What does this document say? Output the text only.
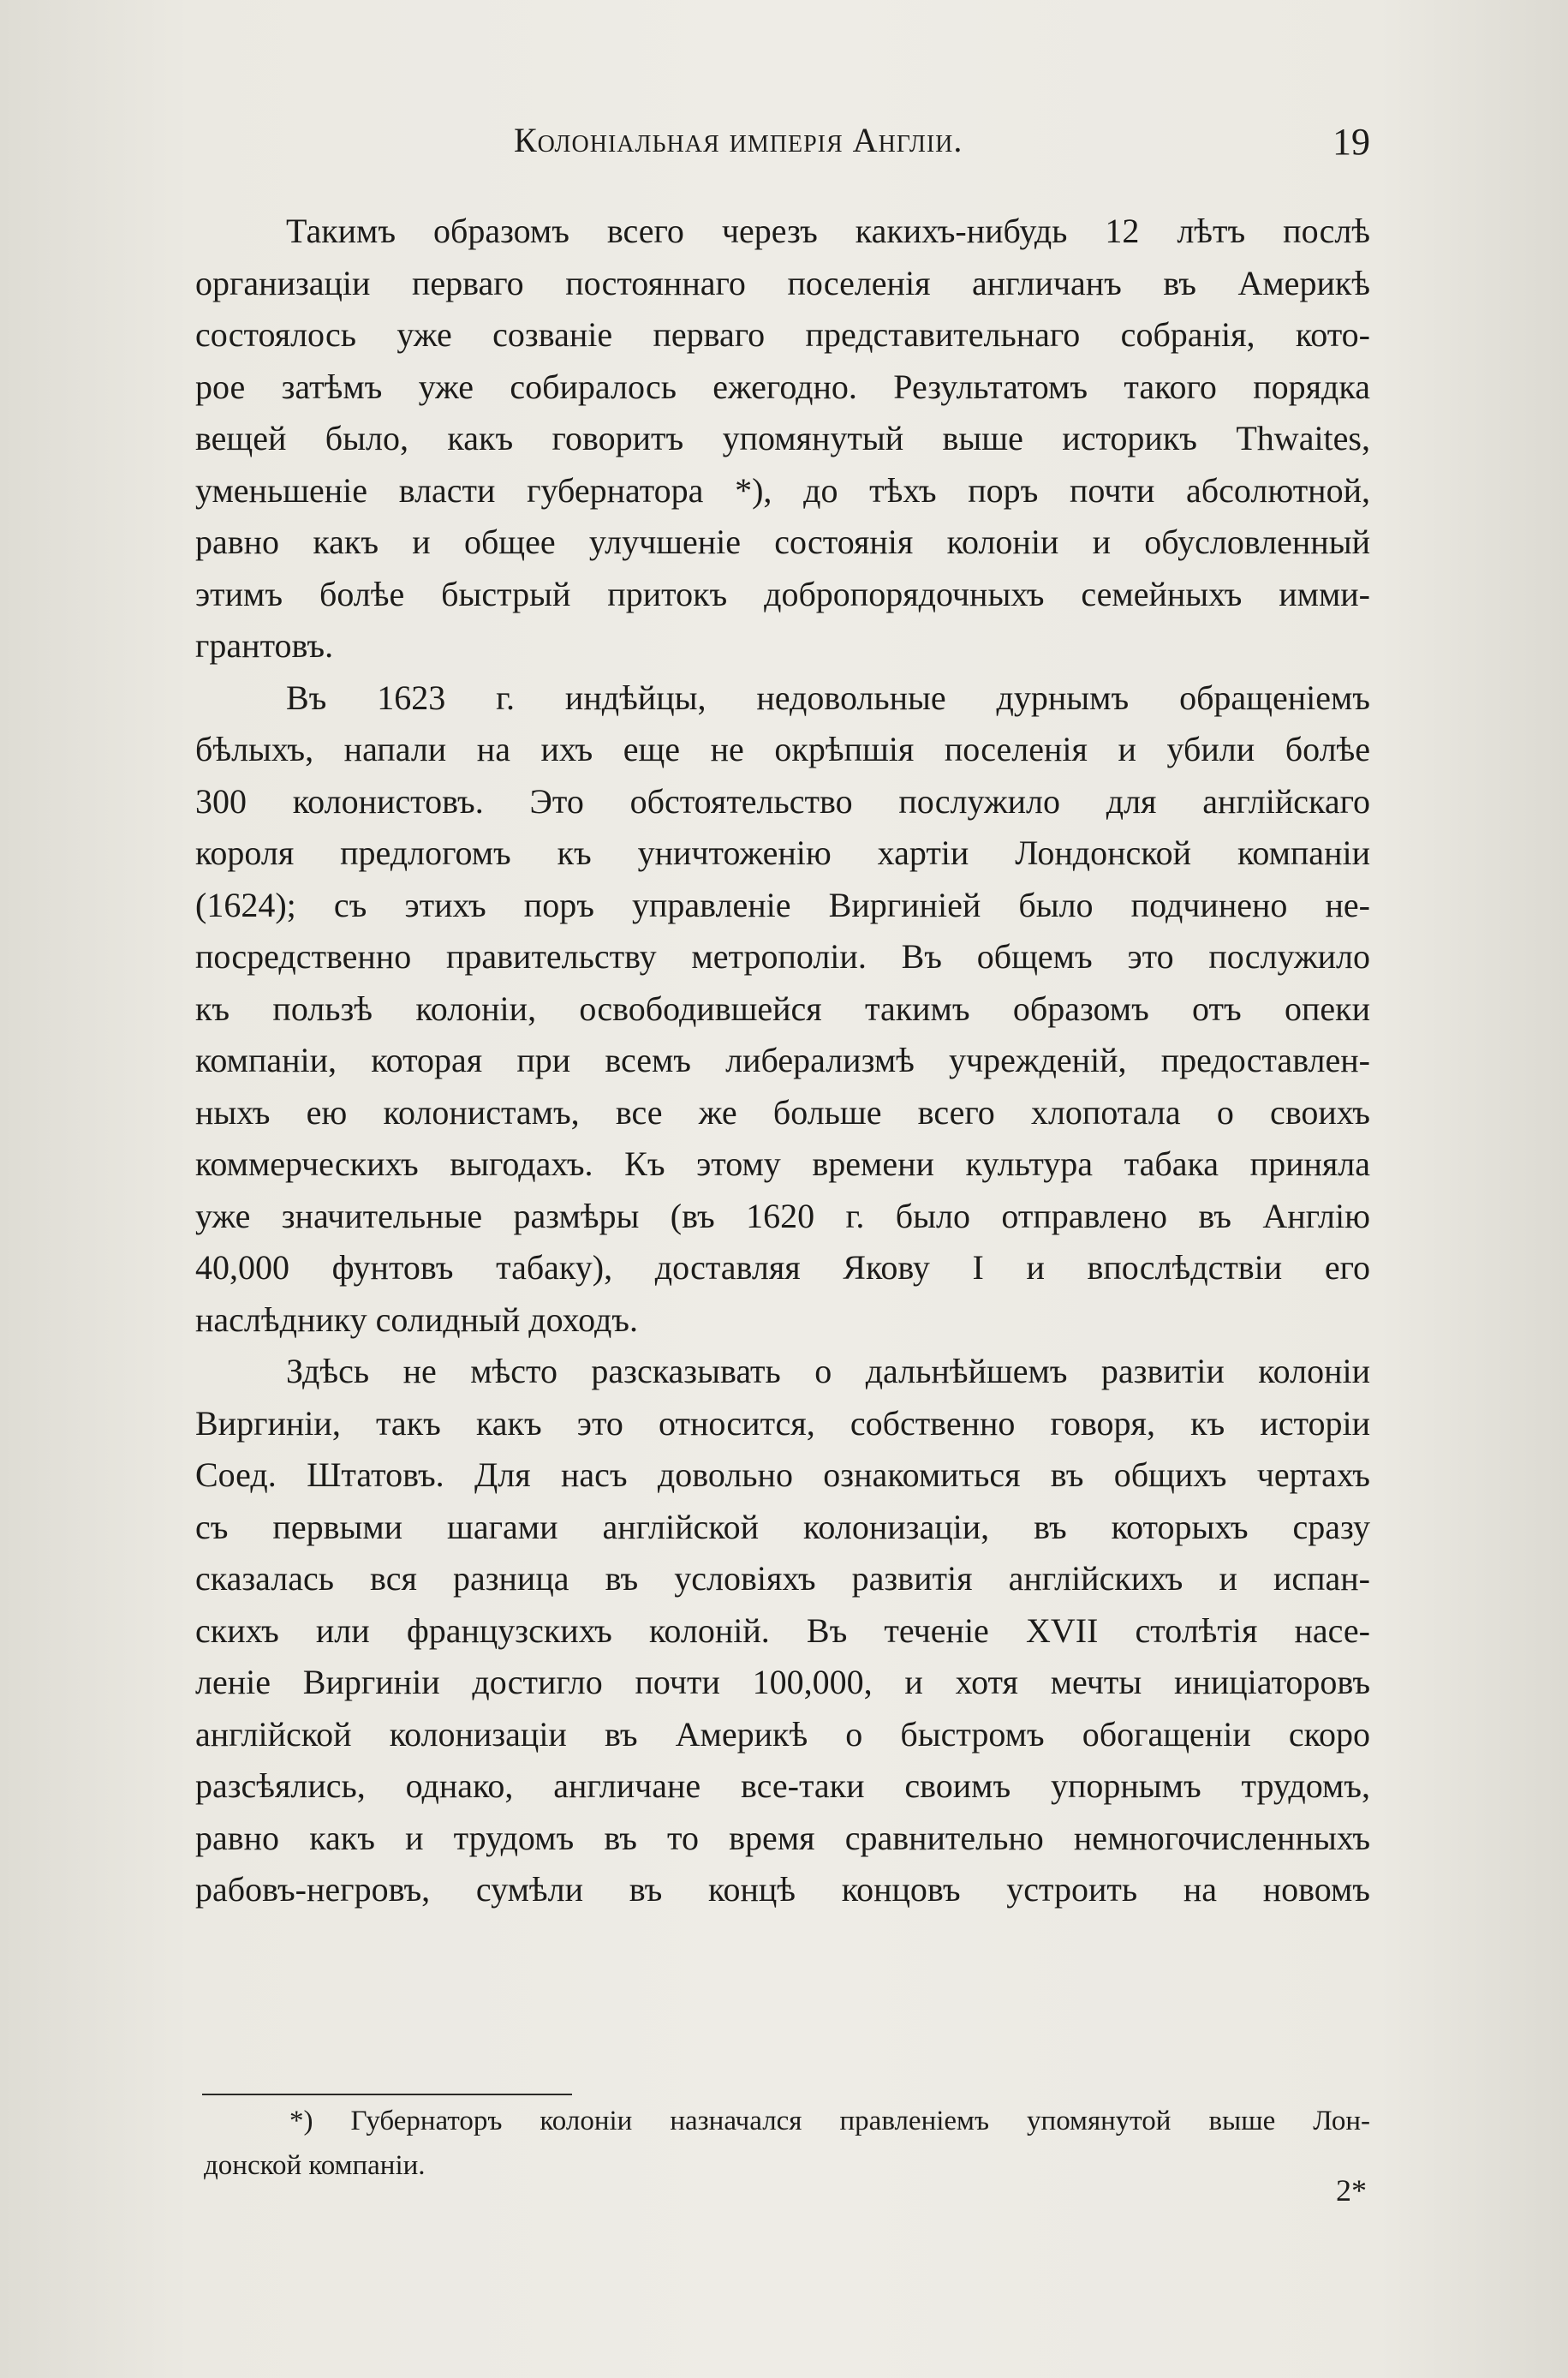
Колоніальная имперія Англіи.	19
Такимъ образомъ всего черезъ какихъ-нибудь 12 лѣтъ послѣ
организаціи перваго постояннаго поселенія англичанъ въ Америкѣ
состоялось уже созваніе перваго представительнаго собранія, кото-
рое затѣмъ уже собиралось ежегодно. Результатомъ такого порядка
вещей было, какъ говоритъ упомянутый выше историкъ Thwaites,
уменьшеніе власти губернатора *), до тѣхъ поръ почти абсолютной,
равно какъ и общее улучшеніе состоянія колоніи и обусловленный
этимъ болѣе быстрый притокъ добропорядочныхъ семейныхъ имми-
грантовъ.
Въ 1623 г. индѣйцы, недовольные дурнымъ обращеніемъ
бѣлыхъ, напали на ихъ еще не окрѣпшія поселенія и убили болѣе
300 колонистовъ. Это обстоятельство послужило для англійскаго
короля предлогомъ къ уничтоженію хартіи Лондонской компаніи
(1624); съ этихъ поръ управленіе Виргиніей было подчинено не-
посредственно правительству метрополіи. Въ общемъ это послужило
къ пользѣ колоніи, освободившейся такимъ образомъ отъ опеки
компаніи, которая при всемъ либерализмѣ учрежденій, предоставлен-
ныхъ ею колонистамъ, все же больше всего хлопотала о своихъ
коммерческихъ выгодахъ. Къ этому времени культура табака приняла
уже значительные размѣры (въ 1620 г. было отправлено въ Англію
40,000 фунтовъ табаку), доставляя Якову I и впослѣдствіи его
наслѣднику солидный доходъ.
Здѣсь не мѣсто разсказывать о дальнѣйшемъ развитіи колоніи
Виргиніи, такъ какъ это относится, собственно говоря, къ исторіи
Соед. Штатовъ. Для насъ довольно ознакомиться въ общихъ чертахъ
съ первыми шагами англійской колонизаціи, въ которыхъ сразу
сказалась вся разница въ условіяхъ развитія англійскихъ и испан-
скихъ или французскихъ колоній. Въ теченіе XVII столѣтія насе-
леніе Виргиніи достигло почти 100,000, и хотя мечты иниціаторовъ
англійской колонизаціи въ Америкѣ о быстромъ обогащеніи скоро
разсѣялись, однако, англичане все-таки своимъ упорнымъ трудомъ,
равно какъ и трудомъ въ то время сравнительно немногочисленныхъ
рабовъ-негровъ, сумѣли въ концѣ концовъ устроить на новомъ
*) Губернаторъ колоніи назначался правленіемъ упомянутой выше Лон-
донской компаніи.
2*
